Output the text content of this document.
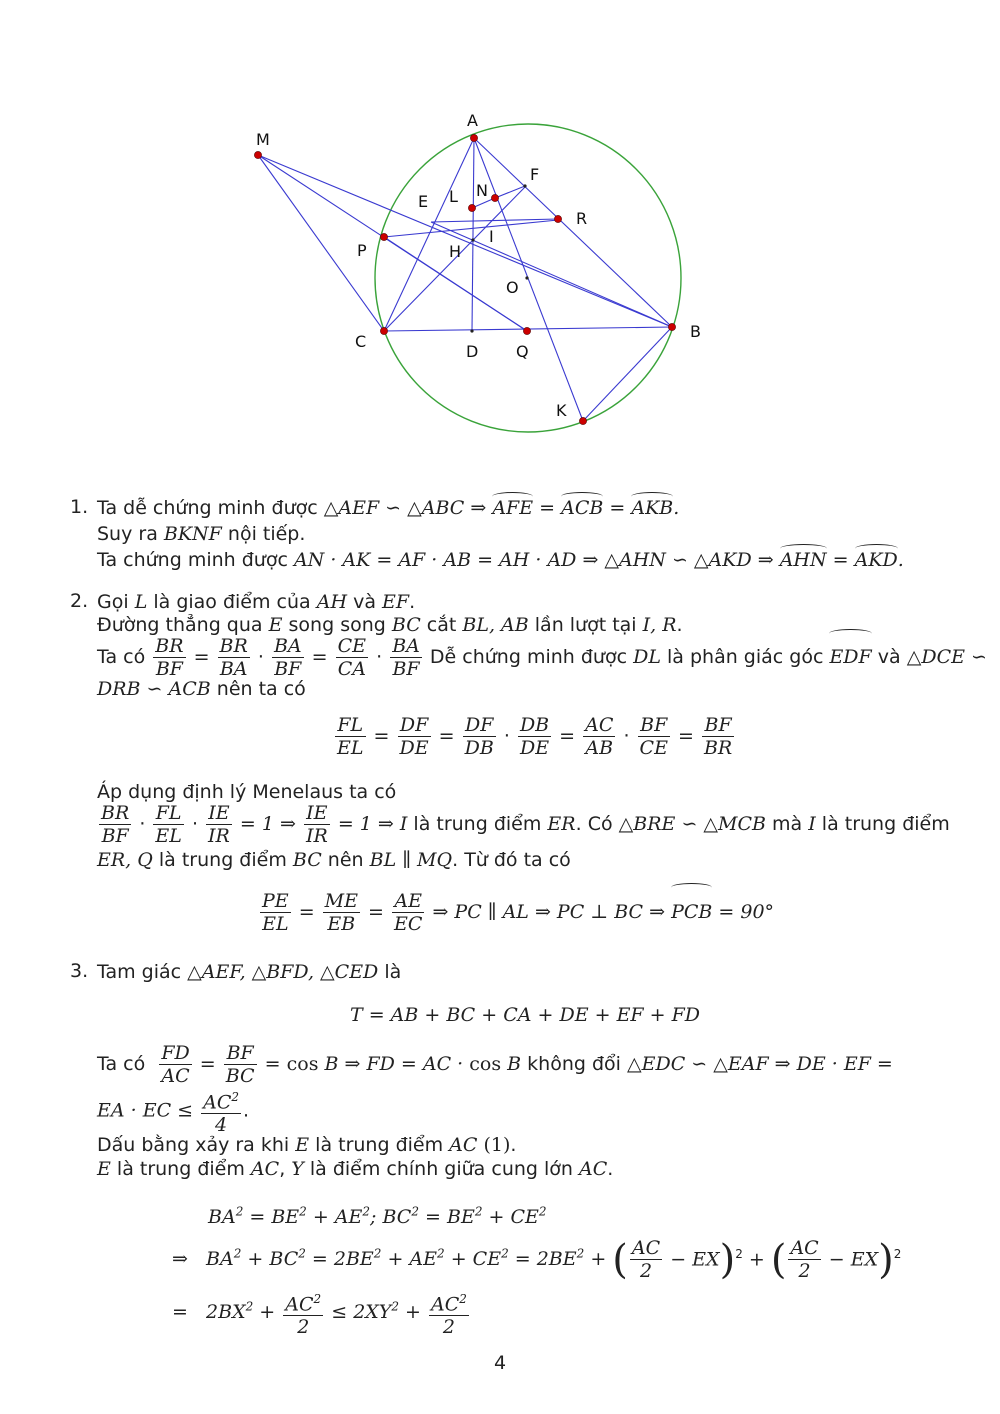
M
A
F
N
L
E
R
I
P	H
O
C
D Q
B
K
1. Ta dễ chứng minh được △AEF ∽ △ABC ⇒ AFE = ACB = AKB.
Suy ra BKNF nội tiếp.
Ta chứng minh được AN · AK = AF · AB = AH · AD ⇒ △AHN ∽ △AKD ⇒ AHN = AKD.
2. Gọi L là giao điểm của AH và EF.
Đường thẳng qua E song song BC cắt BL, AB lần lượt tại I, R.
Ta có $\frac{BR}{BF} = \frac{BR}{BA} \cdot \frac{BA}{BF} = \frac{CE}{CA} \cdot \frac{BA}{BF}$ Dễ chứng minh được DL là phân giác góc EDF và △DCE ∽
DRB ∽ ACB nên ta có
$\frac{FL}{EL} = \frac{DF}{DE} = \frac{DF}{DB} \cdot \frac{DB}{DE} = \frac{AC}{AB} \cdot \frac{BF}{CE} = \frac{BF}{BR}$
Áp dụng định lý Menelaus ta có
$\frac{BR}{BF} \cdot \frac{FL}{EL} \cdot \frac{IE}{IR} = 1$ ⇒ $\frac{IE}{IR} = 1$ ⇒ I là trung điểm ER. Có △BRE ∽ △MCB mà I là trung điểm
ER, Q là trung điểm BC nên BL ∥ MQ. Từ đó ta có
$\frac{PE}{EL} = \frac{ME}{EB} = \frac{AE}{EC}$ ⇒ PC ∥ AL ⇒ PC ⊥ BC ⇒ PCB = 90°
3. Tam giác △AEF, △BFD, △CED là
T = AB + BC + CA + DE + EF + FD
Ta có $\frac{FD}{AC} = \frac{BF}{BC} = \cos B$ ⇒ FD = AC · cos B không đổi △EDC ∽ △EAF ⇒ DE · EF =
EA · EC ≤ $\frac{AC^2}{4}$ .
Dấu bằng xảy ra khi E là trung điểm AC (1).
E là trung điểm AC, Y là điểm chính giữa cung lớn AC.
$BA^2 = BE^2 + AE^2$; $BC^2 = BE^2 + CE^2$
⇒   $BA^2 + BC^2 = 2BE^2 + AE^2 + CE^2 = 2BE^2$ + ( $\frac{AC}{2} - EX)^2$ + ( $\frac{AC}{2} - EX)^2$
=   $2BX^2 + \frac{AC^2}{2} \le 2XY^2 + \frac{AC^2}{2}$
4
